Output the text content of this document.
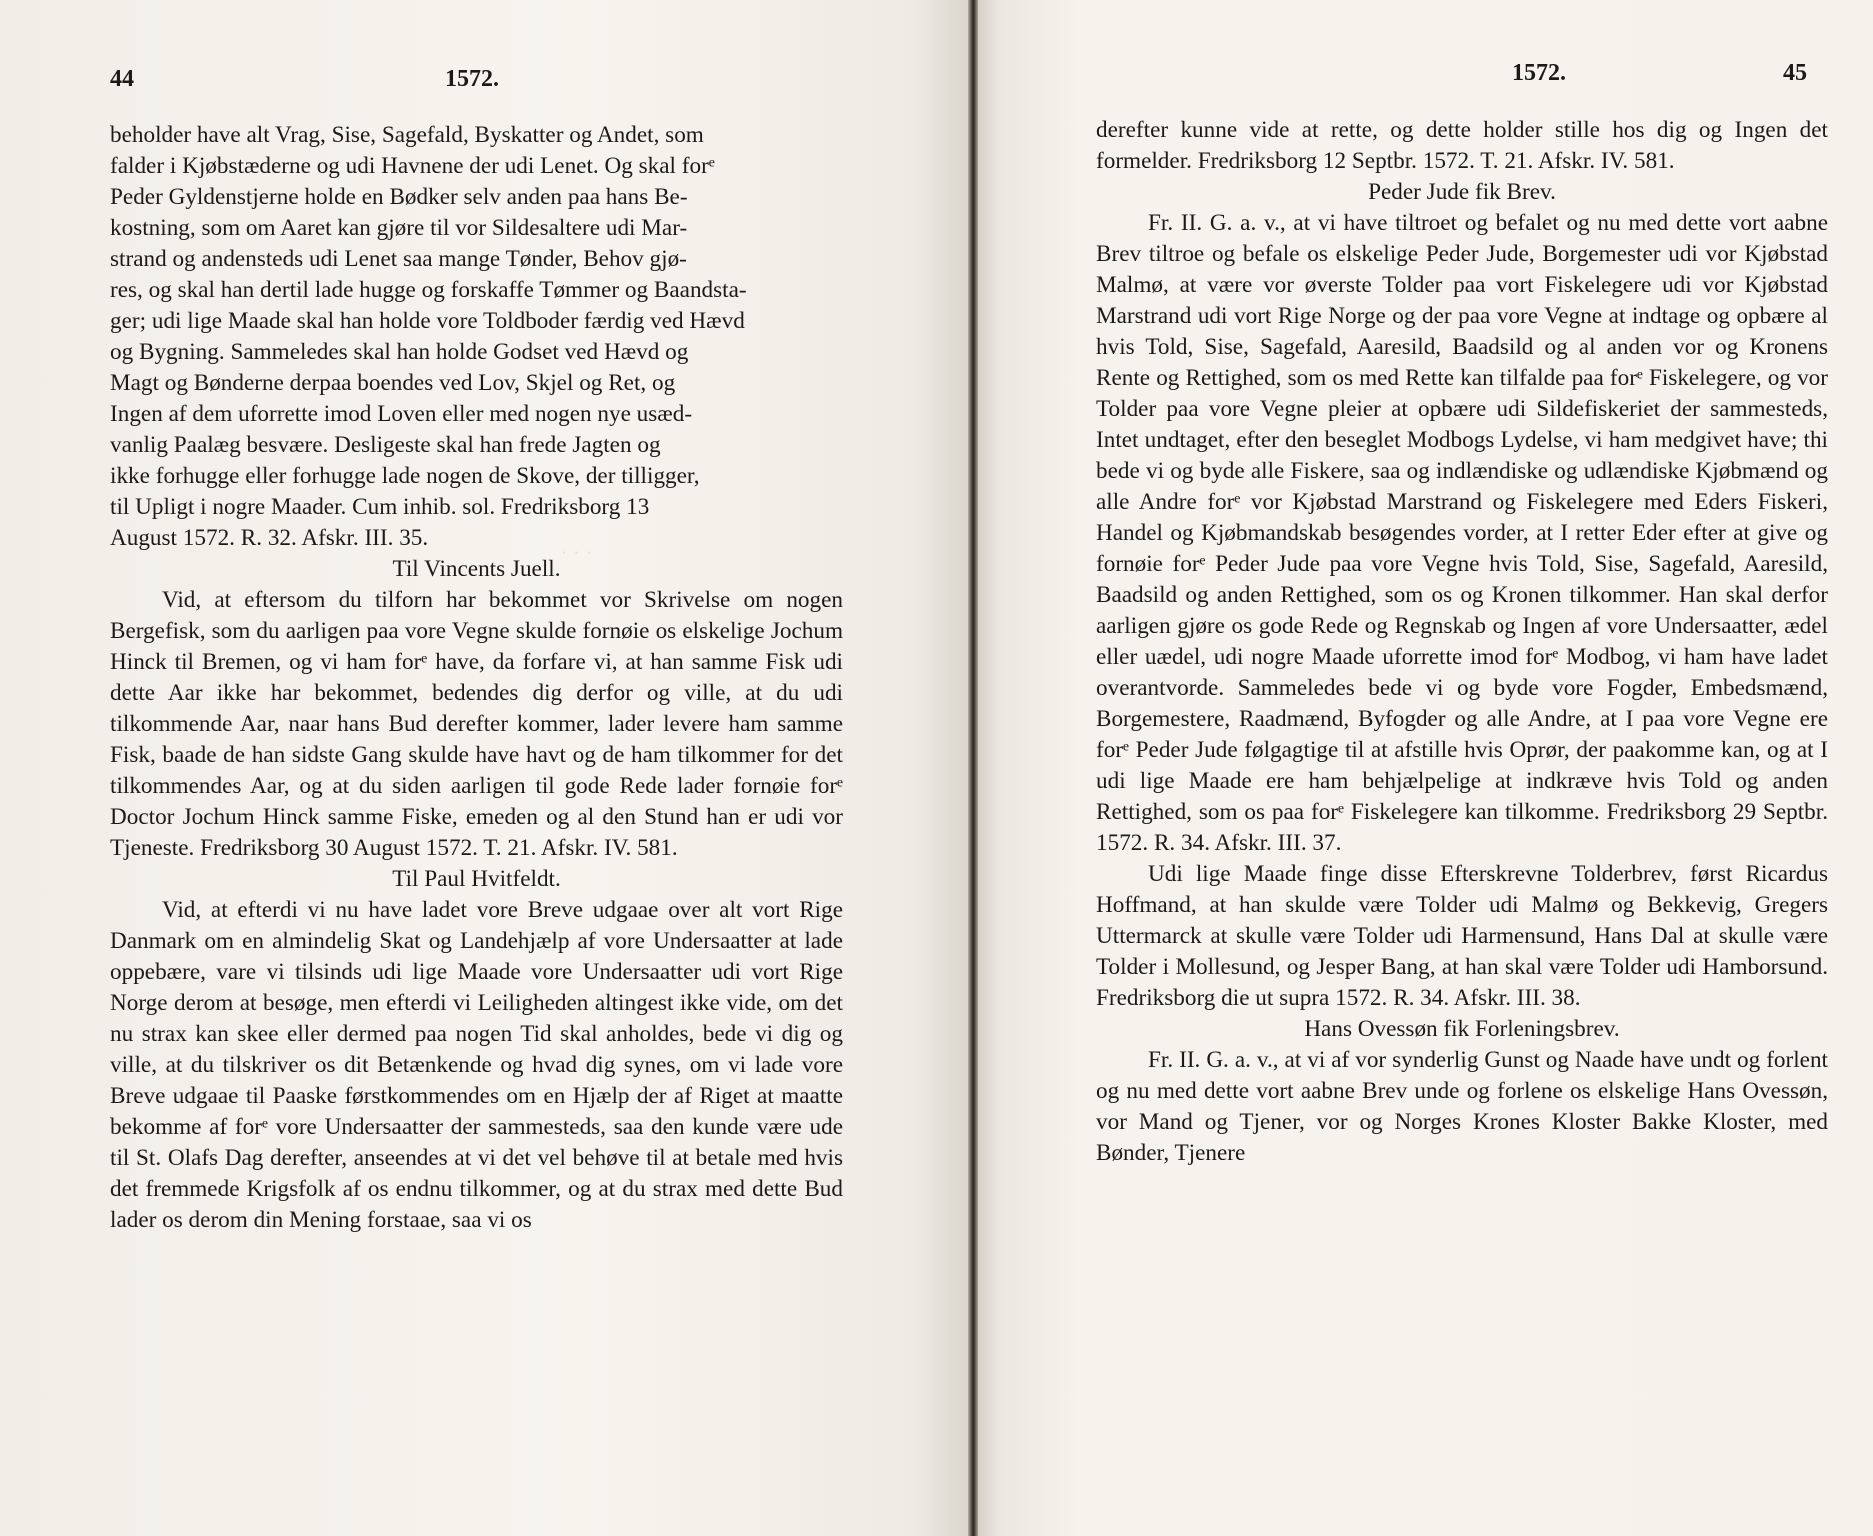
44	1572.
· · ·

beholder have alt Vrag, Sise, Sagefald, Byskatter og Andet, som

falder i Kjøbstæderne og udi Havnene der udi Lenet. Og skal forᵉ

Peder Gyldenstjerne holde en Bødker selv anden paa hans Be-

kostning, som om Aaret kan gjøre til vor Sildesaltere udi Mar-

strand og andensteds udi Lenet saa mange Tønder, Behov gjø-

res, og skal han dertil lade hugge og forskaffe Tømmer og Baandsta-

ger; udi lige Maade skal han holde vore Toldboder færdig ved Hævd

og Bygning. Sammeledes skal han holde Godset ved Hævd og

Magt og Bønderne derpaa boendes ved Lov, Skjel og Ret, og

Ingen af dem uforrette imod Loven eller med nogen nye usæd-

vanlig Paalæg besvære. Desligeste skal han frede Jagten og

ikke forhugge eller forhugge lade nogen de Skove, der tilligger,

til Upligt i nogre Maader. Cum inhib. sol. Fredriksborg 13

August 1572. R. 32. Afskr. III. 35.

Til Vincents Juell.

Vid, at eftersom du tilforn har bekommet vor Skrivelse om nogen Bergefisk, som du aarligen paa vore Vegne skulde fornøie os elskelige Jochum Hinck til Bremen, og vi ham forᵉ have, da forfare vi, at han samme Fisk udi dette Aar ikke har bekommet, bedendes dig derfor og ville, at du udi tilkommende Aar, naar hans Bud derefter kommer, lader levere ham samme Fisk, baade de han sidste Gang skulde have havt og de ham tilkommer for det tilkommendes Aar, og at du siden aarligen til gode Rede lader fornøie forᵉ Doctor Jochum Hinck samme Fiske, emeden og al den Stund han er udi vor Tjeneste. Fredriksborg 30 August 1572. T. 21. Afskr. IV. 581.

Til Paul Hvitfeldt.

Vid, at efterdi vi nu have ladet vore Breve udgaae over alt vort Rige Danmark om en almindelig Skat og Landehjælp af vore Undersaatter at lade oppebære, vare vi tilsinds udi lige Maade vore Undersaatter udi vort Rige Norge derom at besøge, men efterdi vi Leiligheden altingest ikke vide, om det nu strax kan skee eller dermed paa nogen Tid skal anholdes, bede vi dig og ville, at du tilskriver os dit Betænkende og hvad dig synes, om vi lade vore Breve udgaae til Paaske førstkommendes om en Hjælp der af Riget at maatte bekomme af forᵉ vore Undersaatter der sammesteds, saa den kunde være ude til St. Olafs Dag derefter, anseendes at vi det vel behøve til at betale med hvis det fremmede Krigsfolk af os endnu tilkommer, og at du strax med dette Bud lader os derom din Mening forstaae, saa vi os

1572.	45

derefter kunne vide at rette, og dette holder stille hos dig og Ingen det formelder. Fredriksborg 12 Septbr. 1572. T. 21. Afskr. IV. 581.

Peder Jude fik Brev.

Fr. II. G. a. v., at vi have tiltroet og befalet og nu med dette vort aabne Brev tiltroe og befale os elskelige Peder Jude, Borgemester udi vor Kjøbstad Malmø, at være vor øverste Tolder paa vort Fiskelegere udi vor Kjøbstad Marstrand udi vort Rige Norge og der paa vore Vegne at indtage og opbære al hvis Told, Sise, Sagefald, Aaresild, Baadsild og al anden vor og Kronens Rente og Rettighed, som os med Rette kan tilfalde paa forᵉ Fiskelegere, og vor Tolder paa vore Vegne pleier at opbære udi Sildefiskeriet der sammesteds, Intet undtaget, efter den beseglet Modbogs Lydelse, vi ham medgivet have; thi bede vi og byde alle Fiskere, saa og indlændiske og udlændiske Kjøbmænd og alle Andre forᵉ vor Kjøbstad Marstrand og Fiskelegere med Eders Fiskeri, Handel og Kjøbmandskab besøgendes vorder, at I retter Eder efter at give og fornøie forᵉ Peder Jude paa vore Vegne hvis Told, Sise, Sagefald, Aaresild, Baadsild og anden Rettighed, som os og Kronen tilkommer. Han skal derfor aarligen gjøre os gode Rede og Regnskab og Ingen af vore Undersaatter, ædel eller uædel, udi nogre Maade uforrette imod forᵉ Modbog, vi ham have ladet overantvorde. Sammeledes bede vi og byde vore Fogder, Embedsmænd, Borgemestere, Raadmænd, Byfogder og alle Andre, at I paa vore Vegne ere forᵉ Peder Jude følgagtige til at afstille hvis Oprør, der paakomme kan, og at I udi lige Maade ere ham behjælpelige at indkræve hvis Told og anden Rettighed, som os paa forᵉ Fiskelegere kan tilkomme. Fredriksborg 29 Septbr. 1572. R. 34. Afskr. III. 37.

Udi lige Maade finge disse Efterskrevne Tolderbrev, først Ricardus Hoffmand, at han skulde være Tolder udi Malmø og Bekkevig, Gregers Uttermarck at skulle være Tolder udi Harmensund, Hans Dal at skulle være Tolder i Mollesund, og Jesper Bang, at han skal være Tolder udi Hamborsund. Fredriksborg die ut supra 1572. R. 34. Afskr. III. 38.

Hans Ovessøn fik Forleningsbrev.

Fr. II. G. a. v., at vi af vor synderlig Gunst og Naade have undt og forlent og nu med dette vort aabne Brev unde og forlene os elskelige Hans Ovessøn, vor Mand og Tjener, vor og Norges Krones Kloster Bakke Kloster, med Bønder, Tjenere
